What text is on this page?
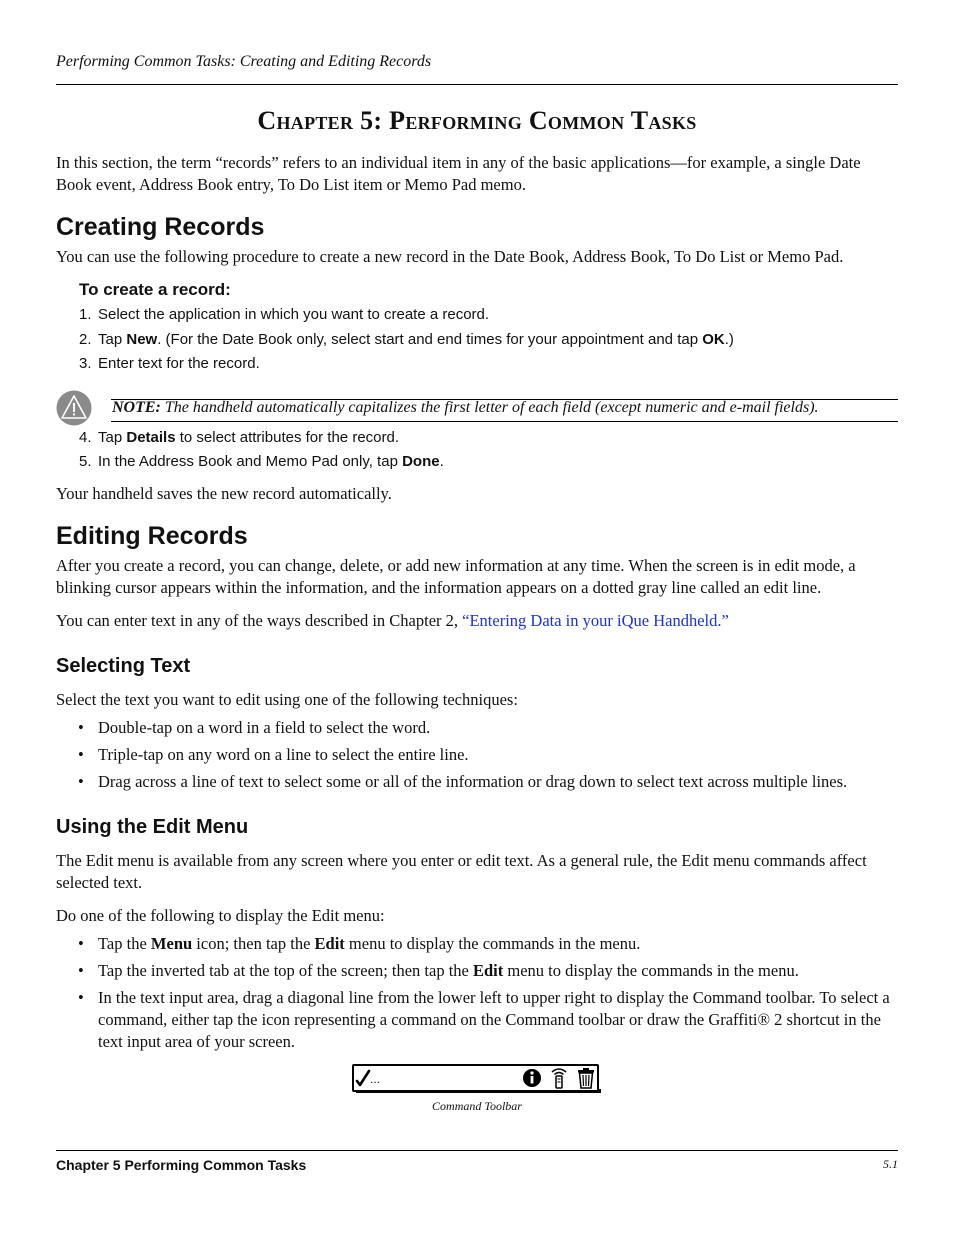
Performing Common Tasks: Creating and Editing Records
Chapter 5: Performing Common Tasks
In this section, the term “records” refers to an individual item in any of the basic applications—for example, a single Date Book event, Address Book entry, To Do List item or Memo Pad memo.
Creating Records
You can use the following procedure to create a new record in the Date Book, Address Book, To Do List or Memo Pad.
To create a record:
1. Select the application in which you want to create a record.
2. Tap New. (For the Date Book only, select start and end times for your appointment and tap OK.)
3. Enter text for the record.
NOTE: The handheld automatically capitalizes the first letter of each field (except numeric and e-mail fields).
4. Tap Details to select attributes for the record.
5. In the Address Book and Memo Pad only, tap Done.
Your handheld saves the new record automatically.
Editing Records
After you create a record, you can change, delete, or add new information at any time. When the screen is in edit mode, a blinking cursor appears within the information, and the information appears on a dotted gray line called an edit line.
You can enter text in any of the ways described in Chapter 2, “Entering Data in your iQue Handheld.”
Selecting Text
Select the text you want to edit using one of the following techniques:
• Double-tap on a word in a field to select the word.
• Triple-tap on any word on a line to select the entire line.
• Drag across a line of text to select some or all of the information or drag down to select text across multiple lines.
Using the Edit Menu
The Edit menu is available from any screen where you enter or edit text. As a general rule, the Edit menu commands affect selected text.
Do one of the following to display the Edit menu:
• Tap the Menu icon; then tap the Edit menu to display the commands in the menu.
• Tap the inverted tab at the top of the screen; then tap the Edit menu to display the commands in the menu.
• In the text input area, drag a diagonal line from the lower left to upper right to display the Command toolbar. To select a command, either tap the icon representing a command on the Command toolbar or draw the Graffiti® 2 shortcut in the text input area of your screen.
...
Command Toolbar
Chapter 5 Performing Common Tasks	5.1
